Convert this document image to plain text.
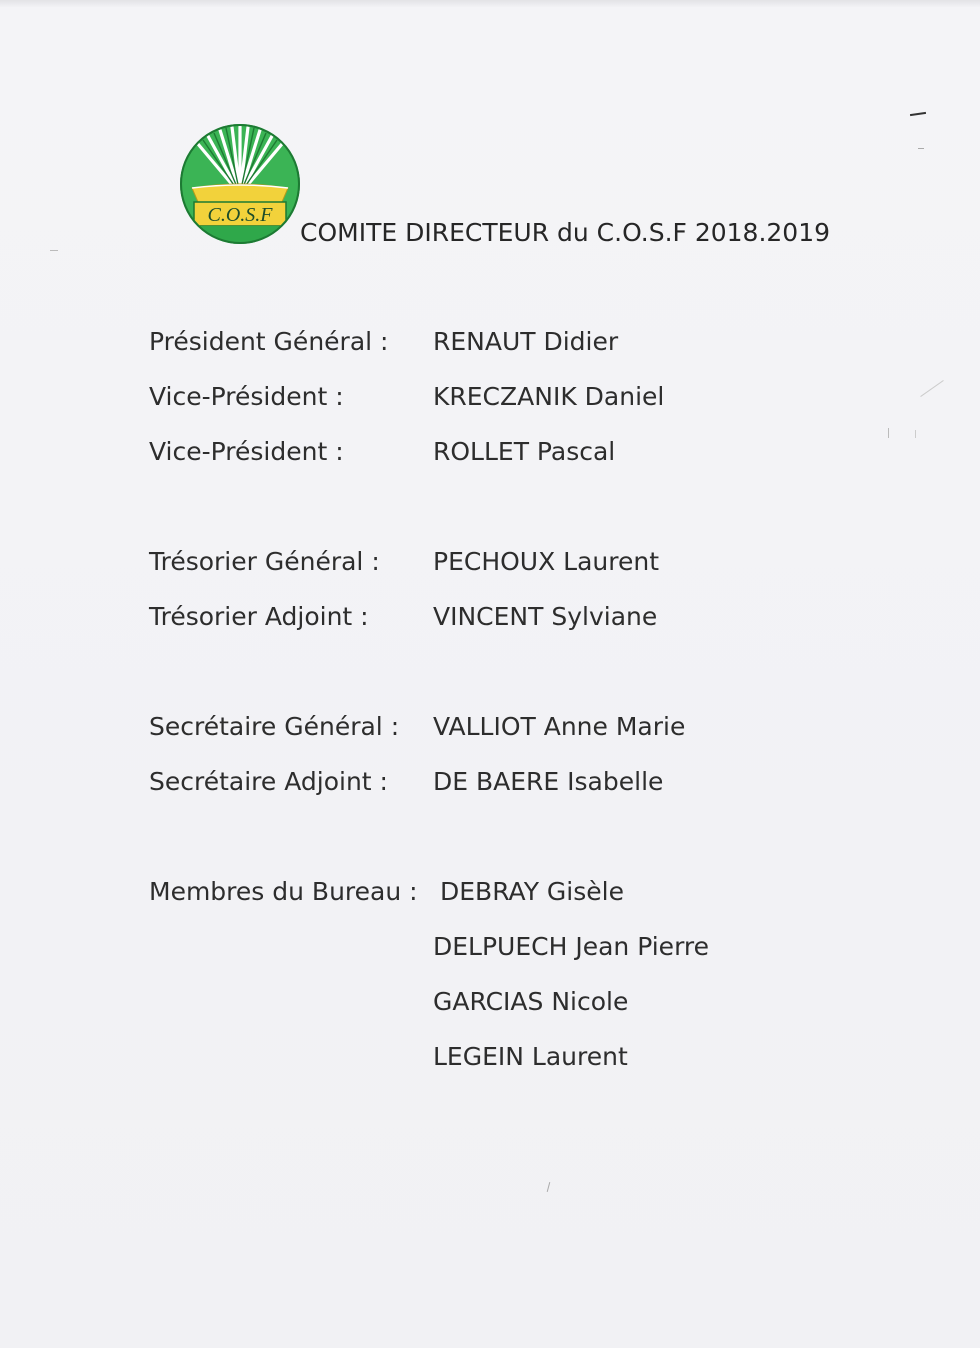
C.O.S.F
COMITE DIRECTEUR du C.O.S.F 2018.2019
Président Général : RENAUT Didier
Vice-Président :	KRECZANIK Daniel
Vice-Président :	ROLLET Pascal
Trésorier Général : PECHOUX Laurent
Trésorier Adjoint :	VINCENT Sylviane
Secrétaire Général : VALLIOT Anne Marie
Secrétaire Adjoint : DE BAERE Isabelle
Membres du Bureau : DEBRAY Gisèle
DELPUECH Jean Pierre
GARCIAS Nicole
LEGEIN Laurent
